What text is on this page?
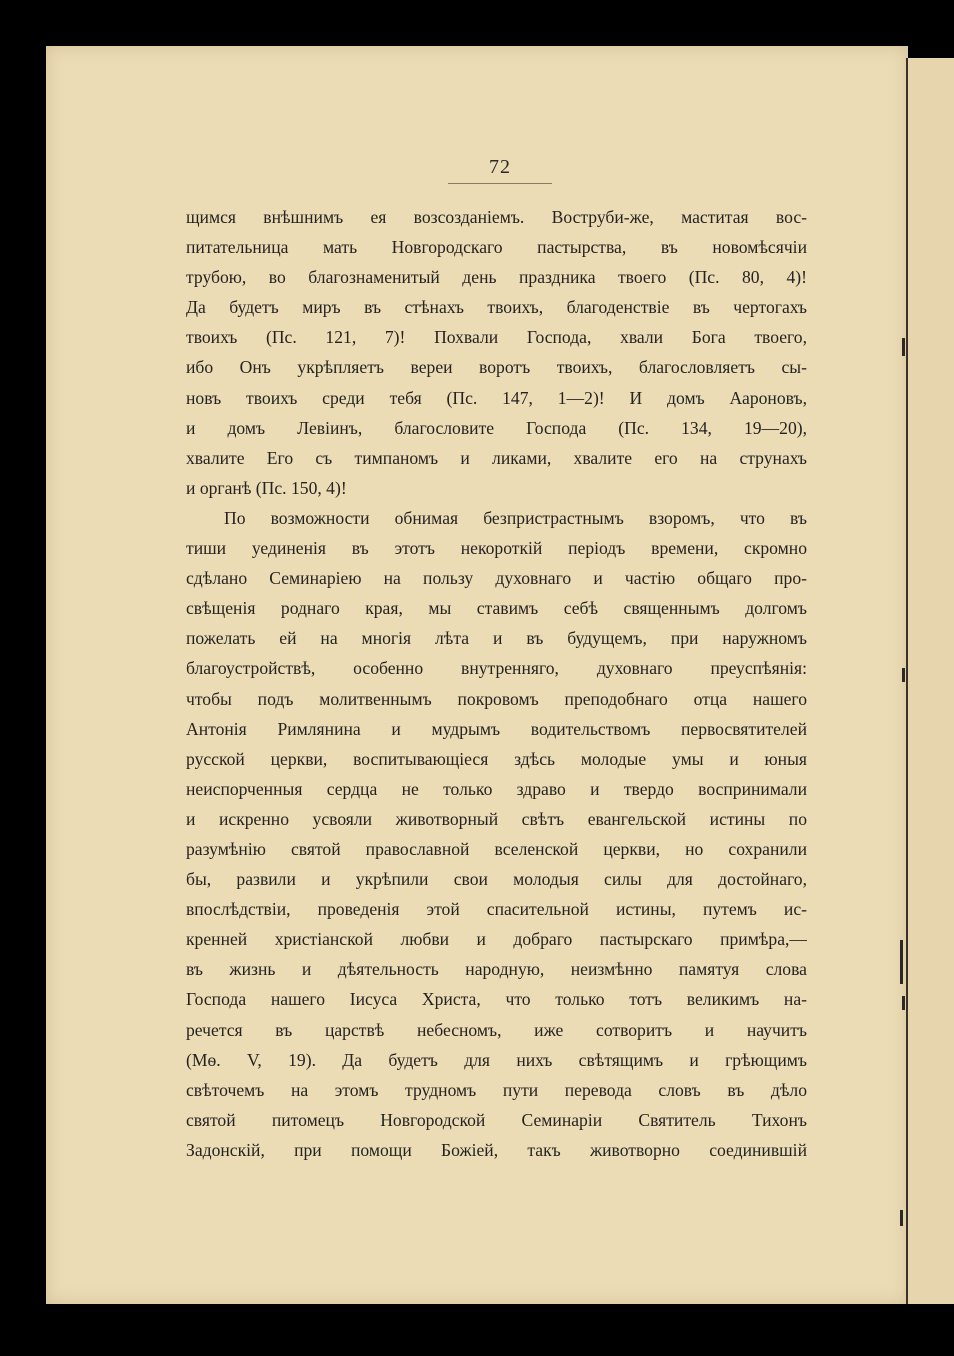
72
щимся внѣшнимъ ея возсозданіемъ. Воструби-же, маститая вос-
питательница мать Новгородскаго пастырства, въ новомѣсячіи
трубою, во благознаменитый день праздника твоего (Пс. 80, 4)!
Да будетъ миръ въ стѣнахъ твоихъ, благоденствіе въ чертогахъ
твоихъ (Пс. 121, 7)! Похвали Господа, хвали Бога твоего,
ибо Онъ укрѣпляетъ вереи воротъ твоихъ, благословляетъ сы-
новъ твоихъ среди тебя (Пс. 147, 1—2)! И домъ Аароновъ,
и домъ Левіинъ, благословите Господа (Пс. 134, 19—20),
хвалите Его съ тимпаномъ и ликами, хвалите его на струнахъ
и органѣ (Пс. 150, 4)!
По возможности обнимая безпристрастнымъ взоромъ, что въ
тиши уединенія въ этотъ некороткій періодъ времени, скромно
сдѣлано Семинаріею на пользу духовнаго и частію общаго про-
свѣщенія роднаго края, мы ставимъ себѣ священнымъ долгомъ
пожелать ей на многія лѣта и въ будущемъ, при наружномъ
благоустройствѣ, особенно внутренняго, духовнаго преуспѣянія:
чтобы подъ молитвеннымъ покровомъ преподобнаго отца нашего
Антонія Римлянина и мудрымъ водительствомъ первосвятителей
русской церкви, воспитывающіеся здѣсь молодые умы и юныя
неиспорченныя сердца не только здраво и твердо воспринимали
и искренно усвояли животворный свѣтъ евангельской истины по
разумѣнію святой православной вселенской церкви, но сохранили
бы, развили и укрѣпили свои молодыя силы для достойнаго,
впослѣдствіи, проведенія этой спасительной истины, путемъ ис-
кренней христіанской любви и добраго пастырскаго примѣра,—
въ жизнь и дѣятельность народную, неизмѣнно памятуя слова
Господа нашего Іисуса Христа, что только тотъ великимъ на-
речется въ царствѣ небесномъ, иже сотворитъ и научитъ
(Мѳ. V, 19). Да будетъ для нихъ свѣтящимъ и грѣющимъ
свѣточемъ на этомъ трудномъ пути перевода словъ въ дѣло
святой питомецъ Новгородской Семинаріи Святитель Тихонъ
Задонскій, при помощи Божіей, такъ животворно соединившій
